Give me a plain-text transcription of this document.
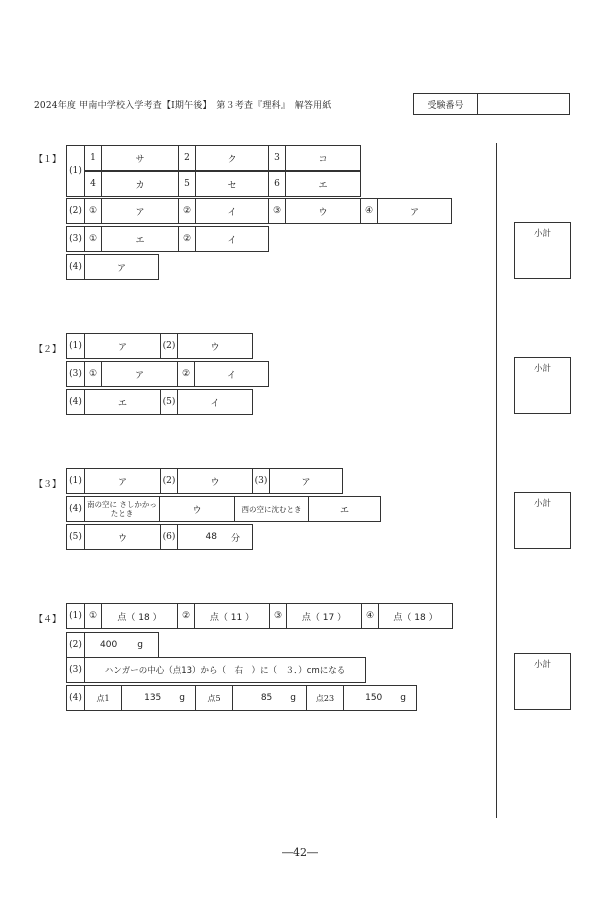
2024年度 甲南中学校入学考査【Ⅰ期午後】　第３考査『理科』　解答用紙	受験番号
小計
小計
小計
小計
【１】
(1)
1	サ	2	ク	3	コ
4	カ	5	セ	6	エ
(2) ①	ア	②	イ	③	ウ	④	ア
(3) ①	エ	②	イ
(4)	ア
【２】 (1)	ア	(2)	ウ
(3) ①	ア	②	イ
(4)	エ	(5)	イ
【３】 (1)	ア	(2)	ウ	(3)	ア
(4) 南の空に さしかかったとき	ウ	西の空に沈むとき	エ
(5)	ウ	(6)	48 分
【４】 (1) ①	点（ 18 ）	②	点（ 11 ）	③	点（ 17 ）	④	点（ 18 ）
(2)	400 g
(3)	ハンガーの中心（点13）から（　右　）に（　３．）cmになる
(4)	点1	135 g	点5	85 g	点23	150 g
―42―
